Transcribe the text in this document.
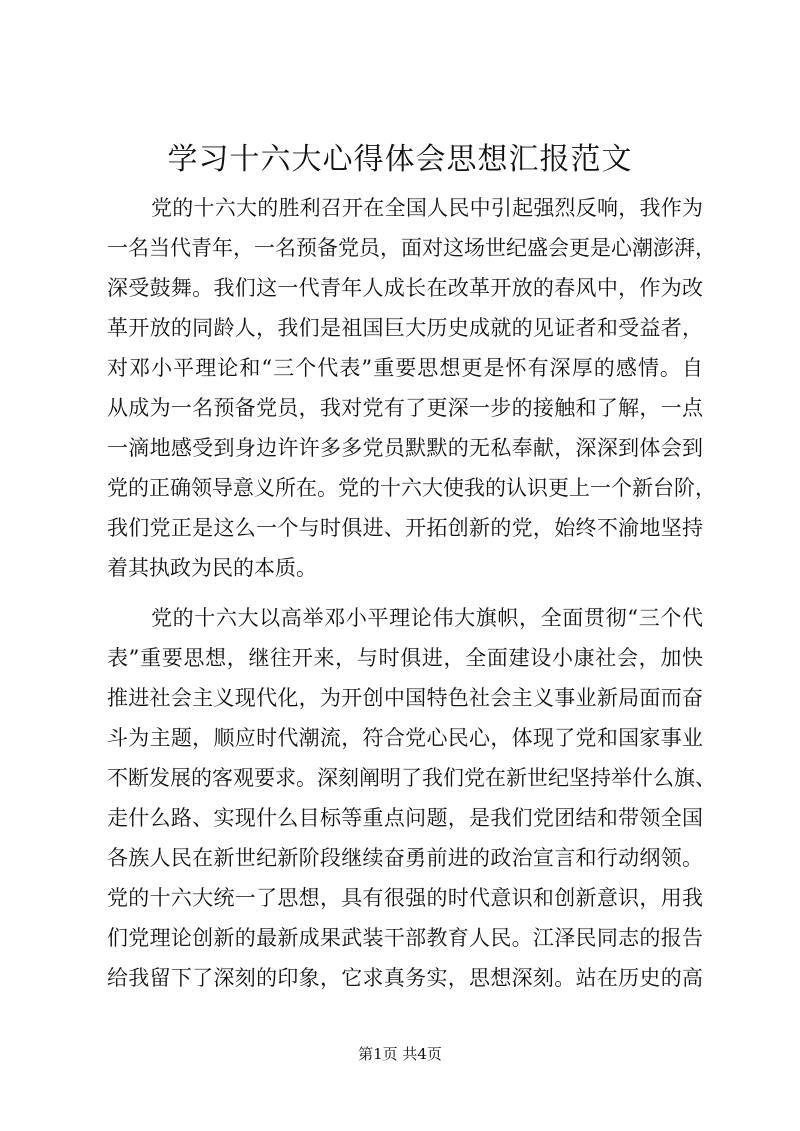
学习十六大心得体会思想汇报范文
党的十六大的胜利召开在全国人民中引起强烈反响，我作为
一名当代青年，一名预备党员，面对这场世纪盛会更是心潮澎湃，
深受鼓舞。我们这一代青年人成长在改革开放的春风中，作为改
革开放的同龄人，我们是祖国巨大历史成就的见证者和受益者，
对邓小平理论和“三个代表”重要思想更是怀有深厚的感情。自
从成为一名预备党员，我对党有了更深一步的接触和了解，一点
一滴地感受到身边许许多多党员默默的无私奉献，深深到体会到
党的正确领导意义所在。党的十六大使我的认识更上一个新台阶，
我们党正是这么一个与时俱进、开拓创新的党，始终不渝地坚持
着其执政为民的本质。
党的十六大以高举邓小平理论伟大旗帜，全面贯彻“三个代
表”重要思想，继往开来，与时俱进，全面建设小康社会，加快
推进社会主义现代化，为开创中国特色社会主义事业新局面而奋
斗为主题，顺应时代潮流，符合党心民心，体现了党和国家事业
不断发展的客观要求。深刻阐明了我们党在新世纪坚持举什么旗、
走什么路、实现什么目标等重点问题，是我们党团结和带领全国
各族人民在新世纪新阶段继续奋勇前进的政治宣言和行动纲领。
党的十六大统一了思想，具有很强的时代意识和创新意识，用我
们党理论创新的最新成果武装干部教育人民。江泽民同志的报告
给我留下了深刻的印象，它求真务实，思想深刻。站在历史的高
第1页 共4页
